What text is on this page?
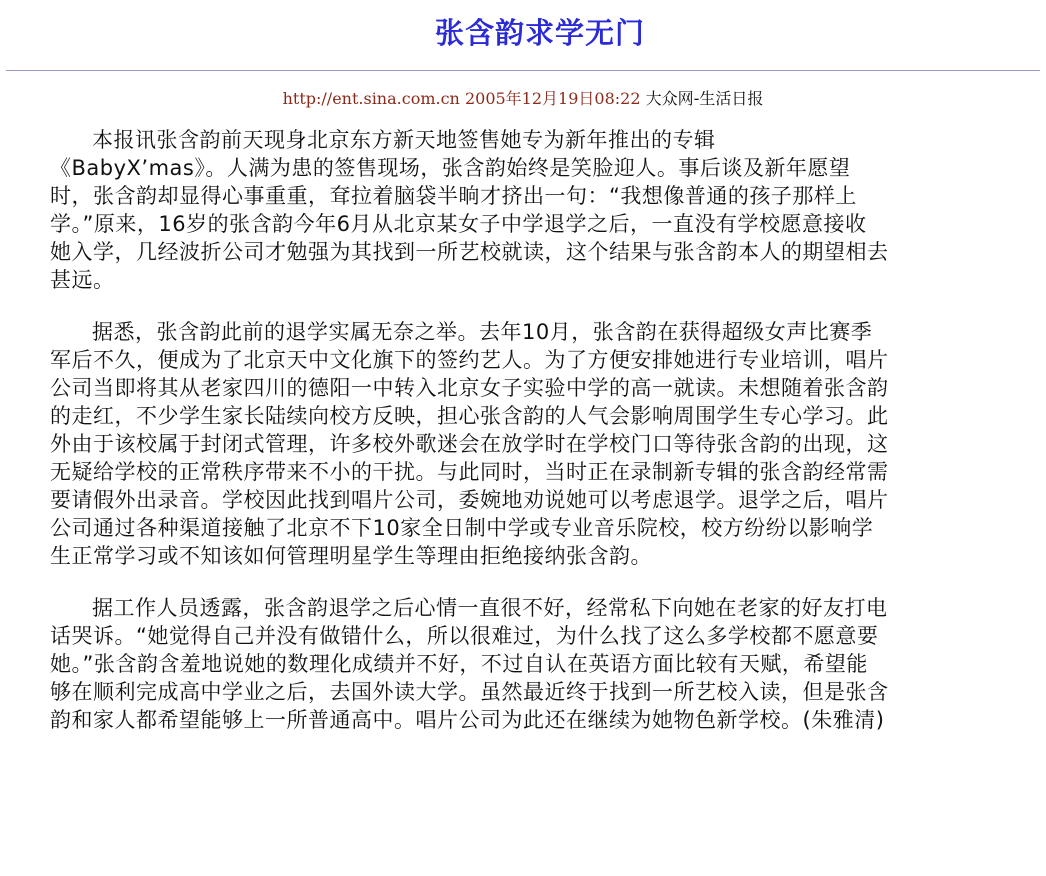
张含韵求学无门
http://ent.sina.com.cn 2005年12月19日08:22 大众网-生活日报
本报讯张含韵前天现身北京东方新天地签售她专为新年推出的专辑
《BabyX’mas》。人满为患的签售现场，张含韵始终是笑脸迎人。事后谈及新年愿望
时，张含韵却显得心事重重，耷拉着脑袋半晌才挤出一句：“我想像普通的孩子那样上
学。”原来，16岁的张含韵今年6月从北京某女子中学退学之后，一直没有学校愿意接收
她入学，几经波折公司才勉强为其找到一所艺校就读，这个结果与张含韵本人的期望相去
甚远。
据悉，张含韵此前的退学实属无奈之举。去年10月，张含韵在获得超级女声比赛季
军后不久，便成为了北京天中文化旗下的签约艺人。为了方便安排她进行专业培训，唱片
公司当即将其从老家四川的德阳一中转入北京女子实验中学的高一就读。未想随着张含韵
的走红，不少学生家长陆续向校方反映，担心张含韵的人气会影响周围学生专心学习。此
外由于该校属于封闭式管理，许多校外歌迷会在放学时在学校门口等待张含韵的出现，这
无疑给学校的正常秩序带来不小的干扰。与此同时，当时正在录制新专辑的张含韵经常需
要请假外出录音。学校因此找到唱片公司，委婉地劝说她可以考虑退学。退学之后，唱片
公司通过各种渠道接触了北京不下10家全日制中学或专业音乐院校，校方纷纷以影响学
生正常学习或不知该如何管理明星学生等理由拒绝接纳张含韵。
据工作人员透露，张含韵退学之后心情一直很不好，经常私下向她在老家的好友打电
话哭诉。“她觉得自己并没有做错什么，所以很难过，为什么找了这么多学校都不愿意要
她。”张含韵含羞地说她的数理化成绩并不好，不过自认在英语方面比较有天赋，希望能
够在顺利完成高中学业之后，去国外读大学。虽然最近终于找到一所艺校入读，但是张含
韵和家人都希望能够上一所普通高中。唱片公司为此还在继续为她物色新学校。(朱雅清)
